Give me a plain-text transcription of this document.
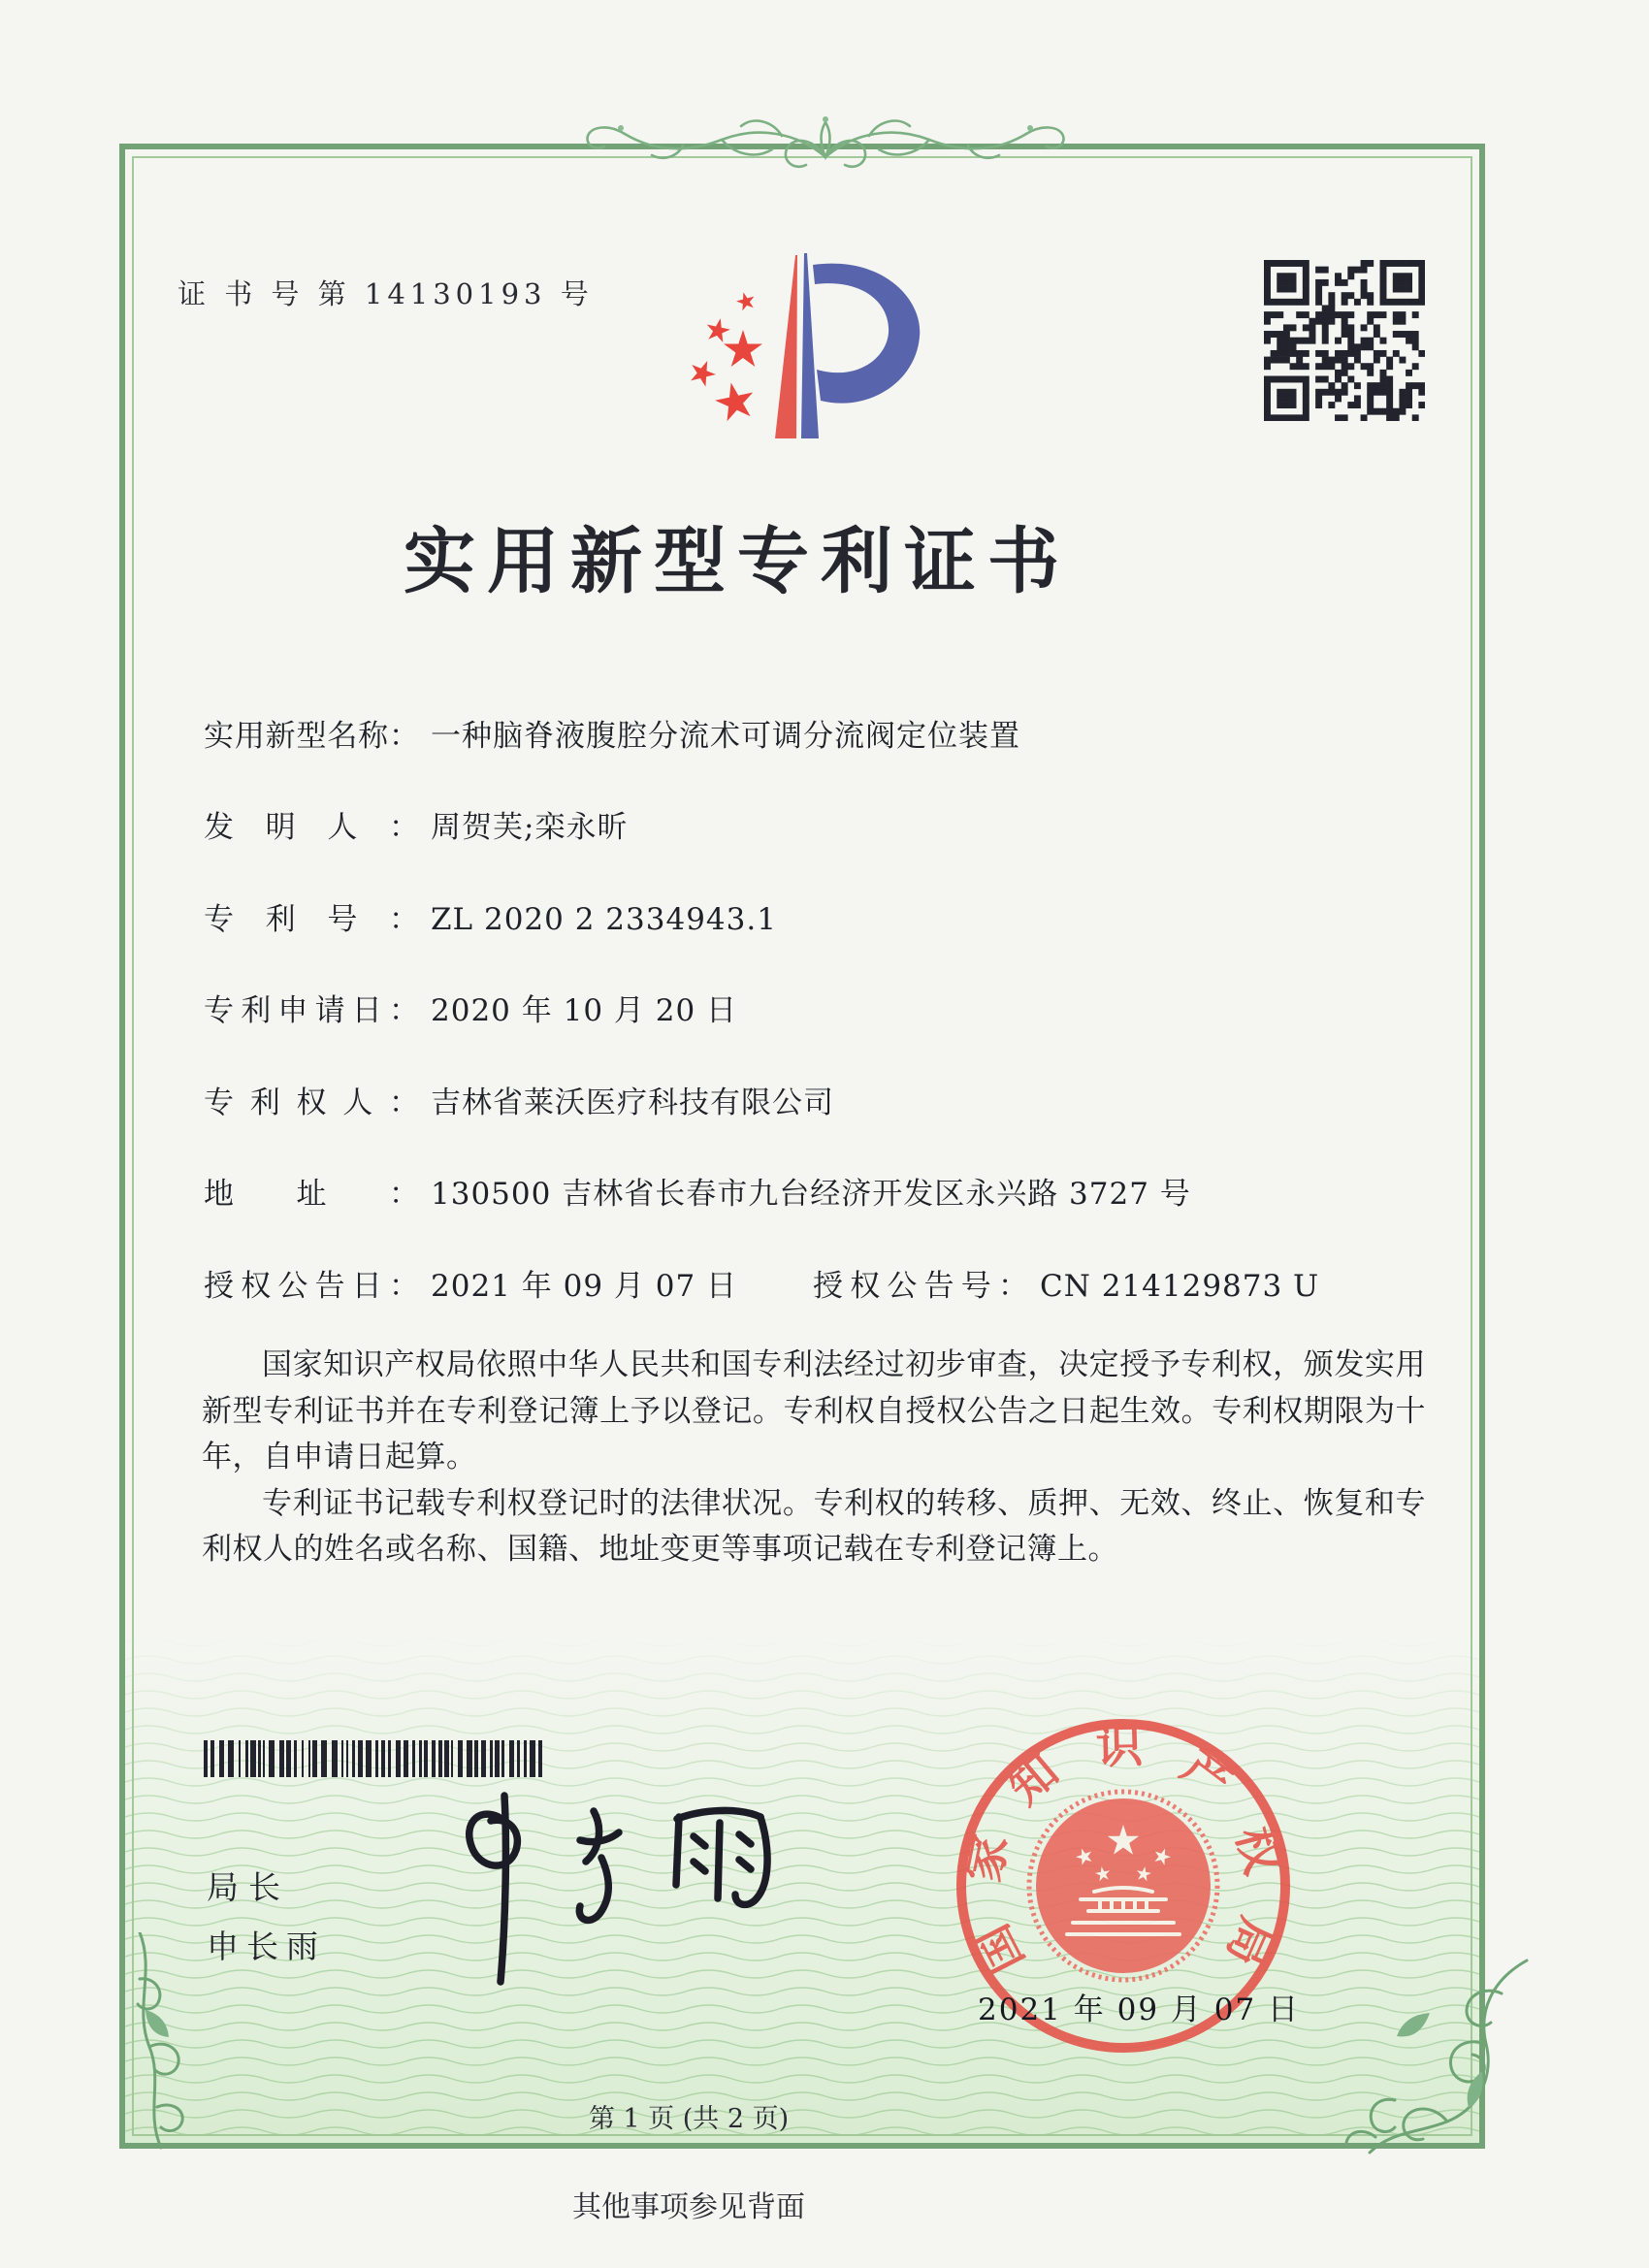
证 书 号 第 14130193 号
实用新型专利证书
实用新型名称： 一种脑脊液腹腔分流术可调分流阀定位装置
发明人： 周贺芙;栾永昕
专利号： ZL 2020 2 2334943.1
专利申请日： 2020 年 10 月 20 日
专利权人： 吉林省莱沃医疗科技有限公司
地址： 130500 吉林省长春市九台经济开发区永兴路 3727 号
授权公告日： 2021 年 09 月 07 日	授权公告号： CN 214129873 U

国家知识产权局依照中华人民共和国专利法经过初步审查，决定授予专利权，颁发实用新型专利证书并在专利登记簿上予以登记。专利权自授权公告之日起生效。专利权期限为十年，自申请日起算。

专利证书记载专利权登记时的法律状况。专利权的转移、质押、无效、终止、恢复和专利权人的姓名或名称、国籍、地址变更等事项记载在专利登记簿上。

局长
申长雨	国家知识产权局
2021 年 09 月 07 日
第 1 页 (共 2 页)
其他事项参见背面
